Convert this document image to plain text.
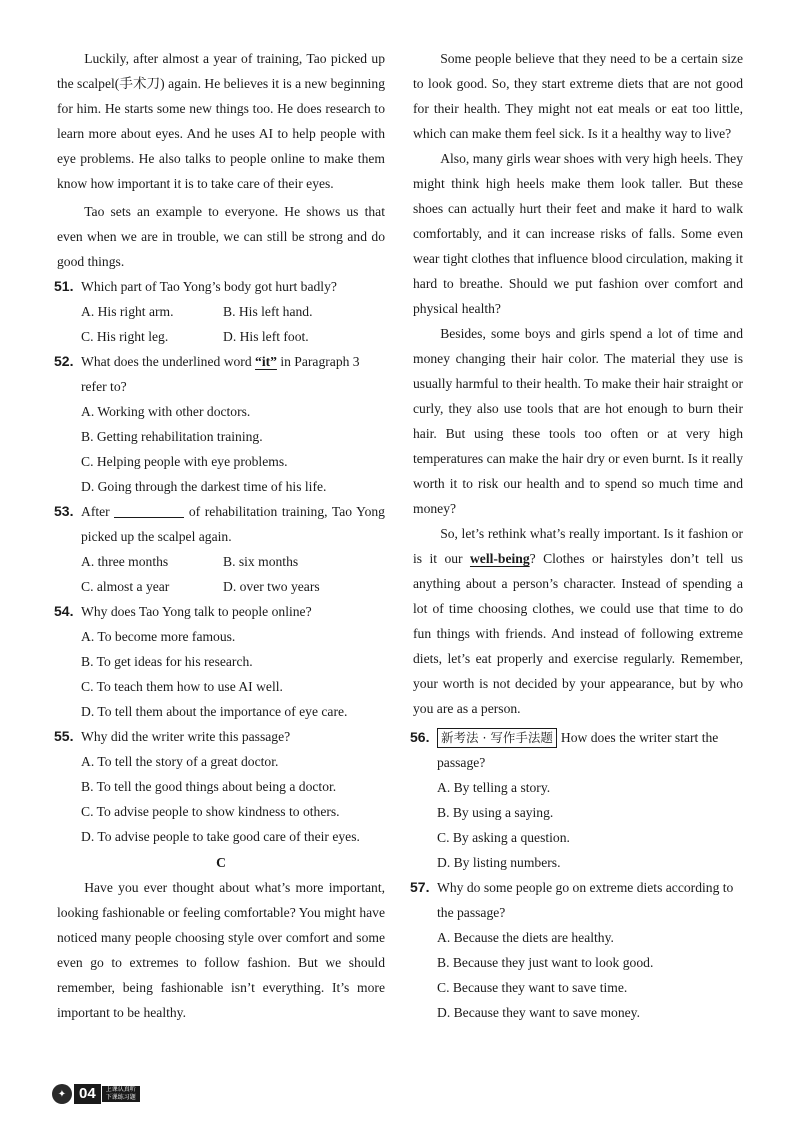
Luckily, after almost a year of training, Tao picked up the scalpel(手术刀) again. He believes it is a new beginning for him. He starts some new things too. He does research to learn more about eyes. And he uses AI to help people with eye problems. He also talks to people online to make them know how important it is to take care of their eyes.

Tao sets an example to everyone. He shows us that even when we are in trouble, we can still be strong and do good things.

51. Which part of Tao Yong’s body got hurt badly?
A. His right arm.	B. His left hand.
C. His right leg.	D. His left foot.
52. What does the underlined word “it” in Paragraph 3 refer to?
A. Working with other doctors.
B. Getting rehabilitation training.
C. Helping people with eye problems.
D. Going through the darkest time of his life.
53. After	of rehabilitation training, Tao Yong picked up the scalpel again.
A. three months	B. six months
C. almost a year	D. over two years
54. Why does Tao Yong talk to people online?
A. To become more famous.
B. To get ideas for his research.
C. To teach them how to use AI well.
D. To tell them about the importance of eye care.
55. Why did the writer write this passage?
A. To tell the story of a great doctor.
B. To tell the good things about being a doctor.
C. To advise people to show kindness to others.
D. To advise people to take good care of their eyes.
C

Have you ever thought about what’s more important, looking fashionable or feeling comfortable? You might have noticed many people choosing style over comfort and some even go to extremes to follow fashion. But we should remember, being fashionable isn’t everything. It’s more important to be healthy.

Some people believe that they need to be a certain size to look good. So, they start extreme diets that are not good for their health. They might not eat meals or eat too little, which can make them feel sick. Is it a healthy way to live?

Also, many girls wear shoes with very high heels. They might think high heels make them look taller. But these shoes can actually hurt their feet and make it hard to walk comfortably, and it can increase risks of falls. Some even wear tight clothes that influence blood circulation, making it hard to breathe. Should we put fashion over comfort and physical health?

Besides, some boys and girls spend a lot of time and money changing their hair color. The material they use is usually harmful to their health. To make their hair straight or curly, they also use tools that are hot enough to burn their hair. But using these tools too often or at very high temperatures can make the hair dry or even burnt. Is it really worth it to risk our health and to spend so much time and money?

So, let’s rethink what’s really important. Is it fashion or is it our well-being? Clothes or hairstyles don’t tell us anything about a person’s character. Instead of spending a lot of time choosing clothes, we could use that time to do fun things with friends. And instead of following extreme diets, let’s eat properly and exercise regularly. Remember, your worth is not decided by your appearance, but by who you are as a person.

56. 新考法 · 写作手法题 How does the writer start the passage?
A. By telling a story.
B. By using a saying.
C. By asking a question.
D. By listing numbers.
57. Why do some people go on extreme diets according to the passage?
A. Because the diets are healthy.
B. Because they just want to look good.
C. Because they want to save time.
D. Because they want to save money.
✦ 04	上课认真听
下课练习题
